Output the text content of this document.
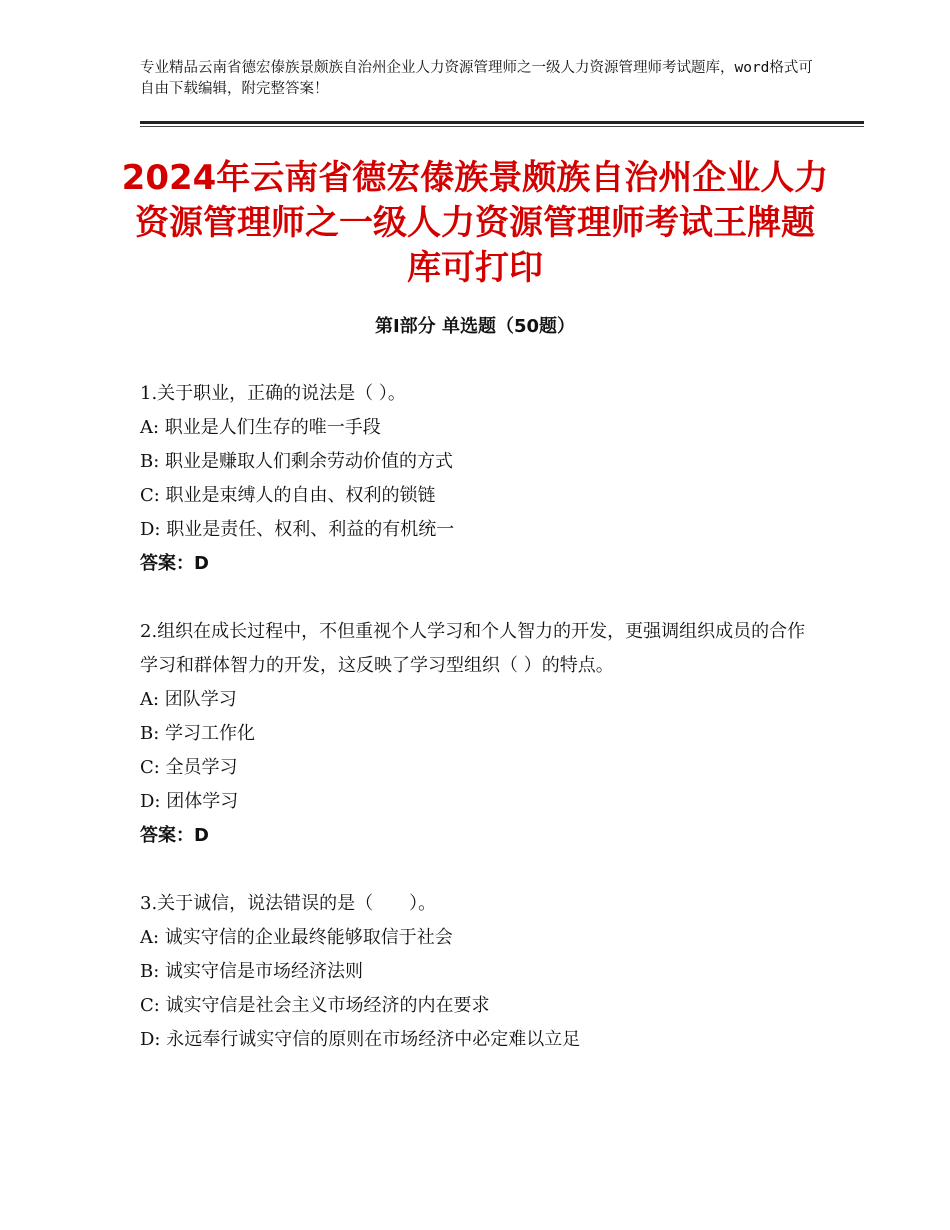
专业精品云南省德宏傣族景颇族自治州企业人力资源管理师之一级人力资源管理师考试题库，word格式可自由下载编辑，附完整答案！
2024年云南省德宏傣族景颇族自治州企业人力资源管理师之一级人力资源管理师考试王牌题库可打印
第Ⅰ部分 单选题（50题）
1.关于职业，正确的说法是（ ）。
A: 职业是人们生存的唯一手段
B: 职业是赚取人们剩余劳动价值的方式
C: 职业是束缚人的自由、权利的锁链
D: 职业是责任、权利、利益的有机统一
答案：D
2.组织在成长过程中，不但重视个人学习和个人智力的开发，更强调组织成员的合作学习和群体智力的开发，这反映了学习型组织（ ）的特点。
A: 团队学习
B: 学习工作化
C: 全员学习
D: 团体学习
答案：D
3.关于诚信，说法错误的是（　　）。
A: 诚实守信的企业最终能够取信于社会
B: 诚实守信是市场经济法则
C: 诚实守信是社会主义市场经济的内在要求
D: 永远奉行诚实守信的原则在市场经济中必定难以立足
